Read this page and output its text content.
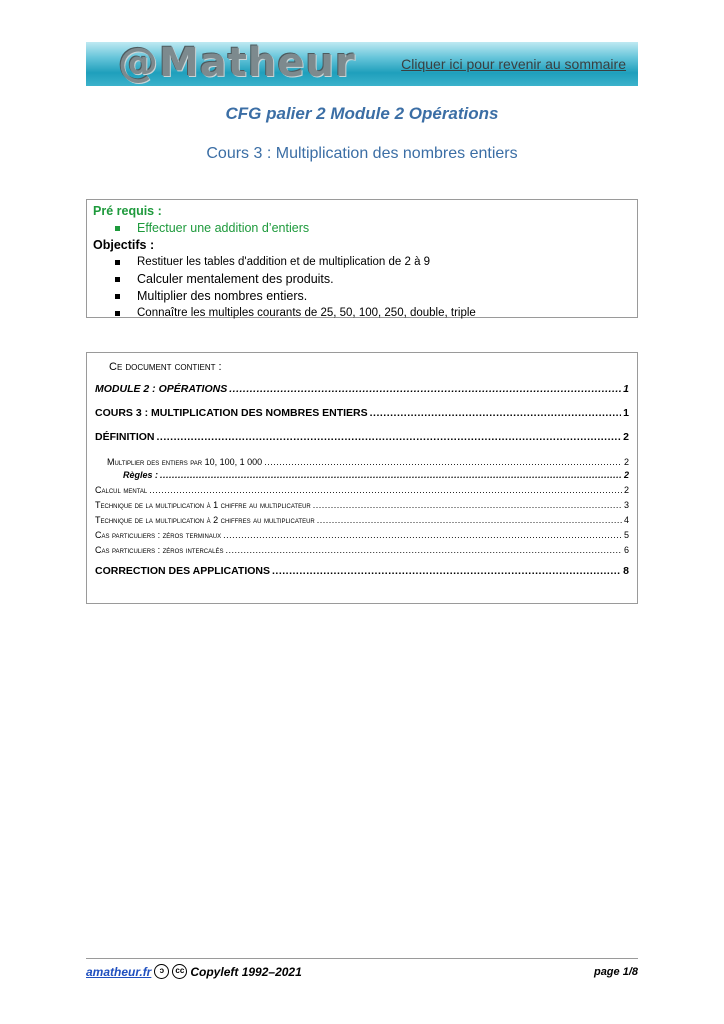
@Matheur	Cliquer ici pour revenir au sommaire
CFG palier 2 Module 2 Opérations
Cours 3 : Multiplication des nombres entiers
Pré requis :
Effectuer une addition d’entiers
Objectifs :
Restituer les tables d'addition et de multiplication de 2 à 9
Calculer mentalement des produits.
Multiplier des nombres entiers.
Connaître les multiples courants de 25, 50, 100, 250, double, triple
Ce document contient :
MODULE 2 : OPÉRATIONS .....	1
COURS 3 : MULTIPLICATION DES NOMBRES ENTIERS .....	1
DÉFINITION .....	2
Multiplier des entiers par 10, 100, 1 000 .....	2
Règles : .....	2
Calcul mental .....	2
Technique de la multiplication à 1 chiffre au multiplicateur .....	3
Technique de la multiplication à 2 chiffres au multiplicateur .....	4
Cas particuliers : zéros terminaux .....	5
Cas particuliers : zéros intercalés .....	6
CORRECTION DES APPLICATIONS .....	8
amatheur.fr	ↄ	cc Copyleft 1992–2021	page 1/8
